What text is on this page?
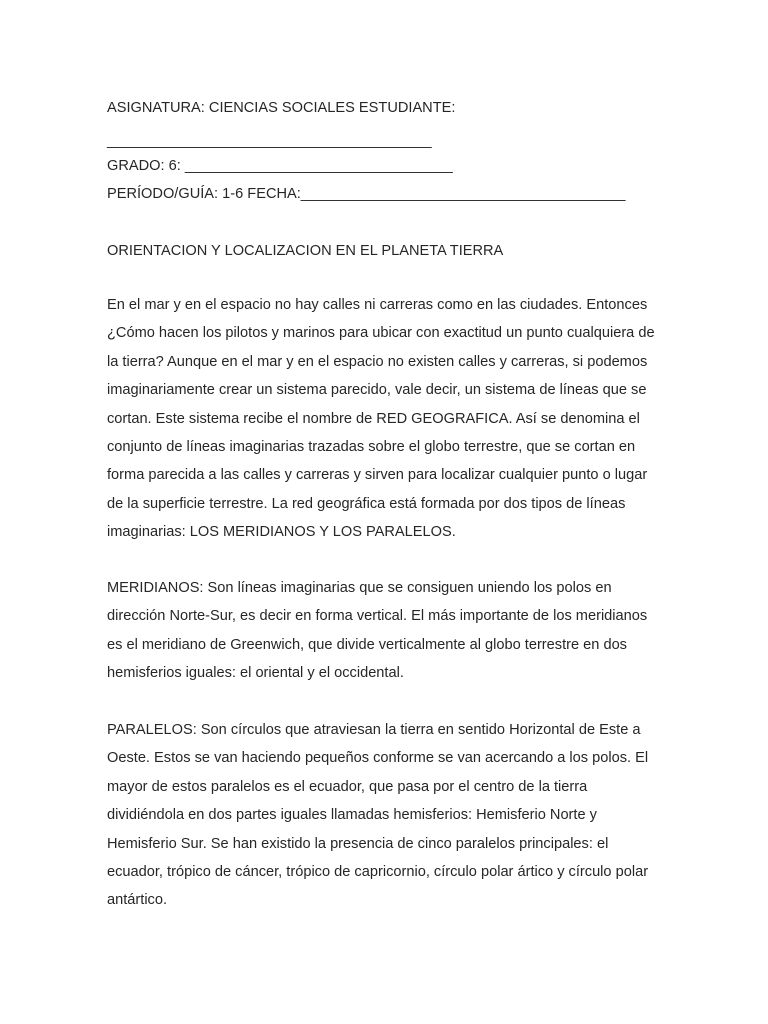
ASIGNATURA: CIENCIAS SOCIALES ESTUDIANTE:
________________________________________
GRADO: 6: _________________________________
PERÍODO/GUÍA: 1-6 FECHA:________________________________________
ORIENTACION Y LOCALIZACION EN EL PLANETA TIERRA

En el mar y en el espacio no hay calles ni carreras como en las ciudades. Entonces ¿Cómo hacen los pilotos y marinos para ubicar con exactitud un punto cualquiera de la tierra? Aunque en el mar y en el espacio no existen calles y carreras, si podemos imaginariamente crear un sistema parecido, vale decir, un sistema de líneas que se cortan. Este sistema recibe el nombre de RED GEOGRAFICA. Así se denomina el conjunto de líneas imaginarias trazadas sobre el globo terrestre, que se cortan en forma parecida a las calles y carreras y sirven para localizar cualquier punto o lugar de la superficie terrestre. La red geográfica está formada por dos tipos de líneas imaginarias: LOS MERIDIANOS Y LOS PARALELOS.

MERIDIANOS: Son líneas imaginarias que se consiguen uniendo los polos en dirección Norte-Sur, es decir en forma vertical. El más importante de los meridianos es el meridiano de Greenwich, que divide verticalmente al globo terrestre en dos hemisferios iguales: el oriental y el occidental.

PARALELOS: Son círculos que atraviesan la tierra en sentido Horizontal de Este a Oeste. Estos se van haciendo pequeños conforme se van acercando a los polos. El mayor de estos paralelos es el ecuador, que pasa por el centro de la tierra dividiéndola en dos partes iguales llamadas hemisferios: Hemisferio Norte y Hemisferio Sur. Se han existido la presencia de cinco paralelos principales: el ecuador, trópico de cáncer, trópico de capricornio, círculo polar ártico y círculo polar antártico.
